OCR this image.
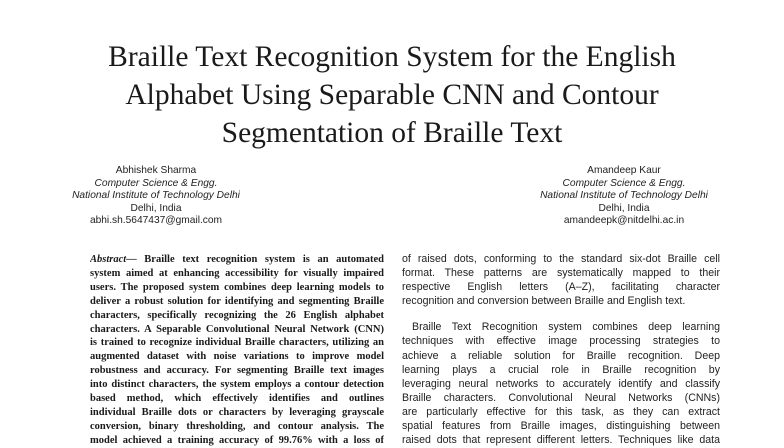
Braille Text Recognition System for the English
Alphabet Using Separable CNN and Contour
Segmentation of Braille Text
Abhishek Sharma
Computer Science & Engg.
National Institute of Technology Delhi
Delhi, India
abhi.sh.5647437@gmail.com
Amandeep Kaur
Computer Science & Engg.
National Institute of Technology Delhi
Delhi, India
amandeepk@nitdelhi.ac.in
Abstract— Braille text recognition system is an automated
system aimed at enhancing accessibility for visually impaired
users. The proposed system combines deep learning models to
deliver a robust solution for identifying and segmenting Braille
characters, specifically recognizing the 26 English alphabet
characters. A Separable Convolutional Neural Network (CNN)
is trained to recognize individual Braille characters, utilizing an
augmented dataset with noise variations to improve model
robustness and accuracy. For segmenting Braille text images
into distinct characters, the system employs a contour detection
based method, which effectively identifies and outlines
individual Braille dots or characters by leveraging grayscale
conversion, binary thresholding, and contour analysis. The
model achieved a training accuracy of 99.76% with a loss of
of raised dots, conforming to the standard six-dot Braille cell
format. These patterns are systematically mapped to their
respective English letters (A–Z), facilitating character
recognition and conversion between Braille and English text.
Braille Text Recognition system combines deep learning
techniques with effective image processing strategies to
achieve a reliable solution for Braille recognition. Deep
learning plays a crucial role in Braille recognition by
leveraging neural networks to accurately identify and classify
Braille characters. Convolutional Neural Networks (CNNs)
are particularly effective for this task, as they can extract
spatial features from Braille images, distinguishing between
raised dots that represent different letters. Techniques like data
